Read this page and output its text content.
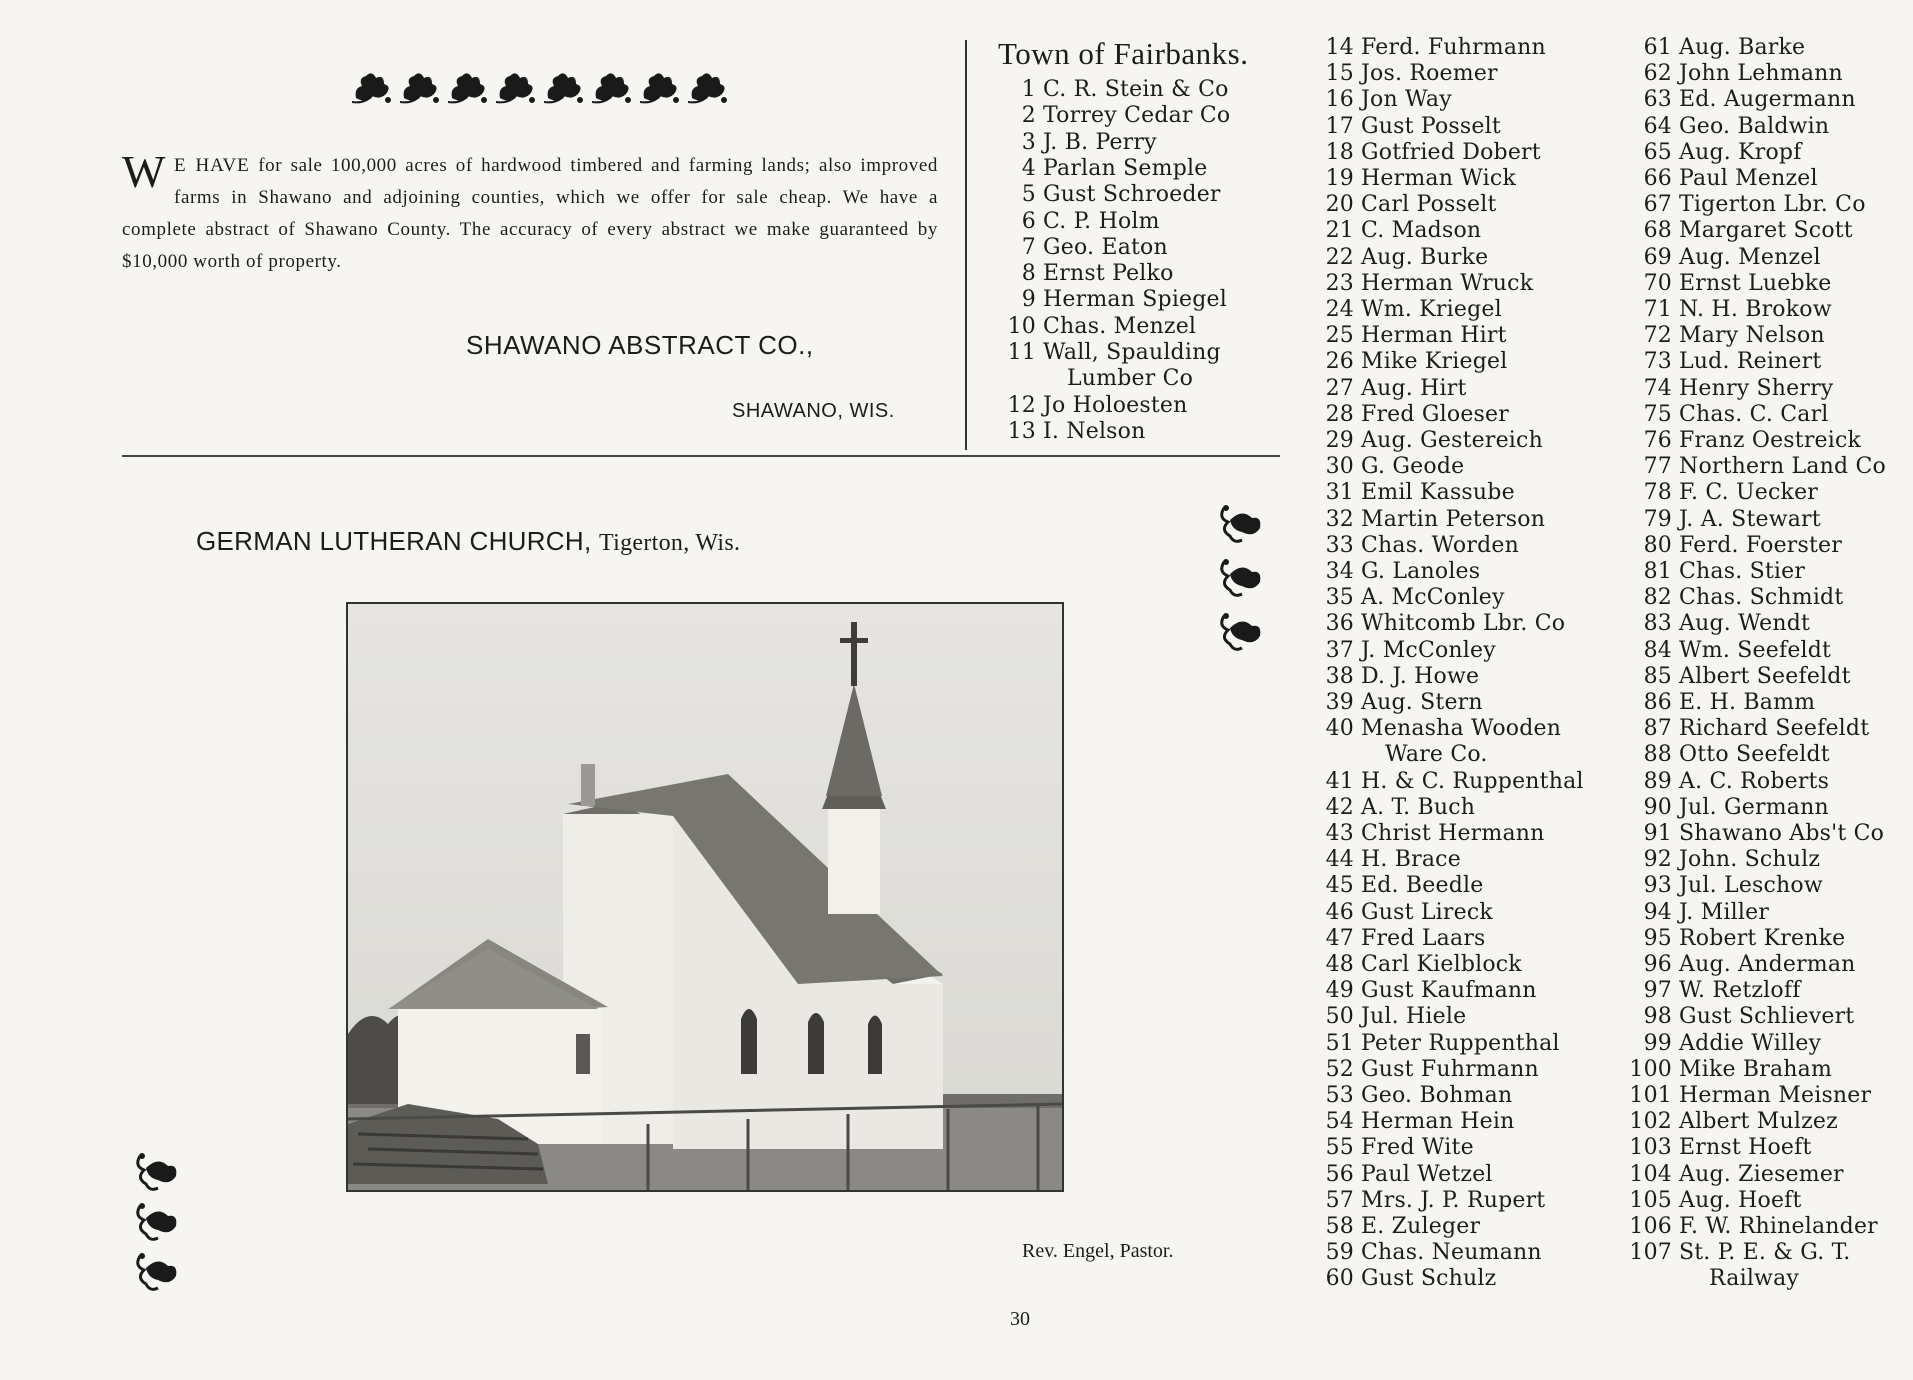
W E HAVE for sale 100,000 acres of hardwood timbered and farming lands; also improved farms in Shawano and adjoining counties, which we offer for sale cheap. We have a complete abstract of Shawano County. The accuracy of every abstract we make guaranteed by $10,000 worth of property.
SHAWANO ABSTRACT CO.,
SHAWANO, WIS.
Town of Fairbanks.
1 C. R. Stein & Co
2 Torrey Cedar Co
3 J. B. Perry
4 Parlan Semple
5 Gust Schroeder
6 C. P. Holm
7 Geo. Eaton
8 Ernst Pelko
9 Herman Spiegel
10 Chas. Menzel
11 Wall, Spaulding
Lumber Co
12 Jo Holoesten
13 I. Nelson
14 Ferd. Fuhrmann
15 Jos. Roemer
16 Jon Way
17 Gust Posselt
18 Gotfried Dobert
19 Herman Wick
20 Carl Posselt
21 C. Madson
22 Aug. Burke
23 Herman Wruck
24 Wm. Kriegel
25 Herman Hirt
26 Mike Kriegel
27 Aug. Hirt
28 Fred Gloeser
29 Aug. Gestereich
30 G. Geode
31 Emil Kassube
32 Martin Peterson
33 Chas. Worden
34 G. Lanoles
35 A. McConley
36 Whitcomb Lbr. Co
37 J. McConley
38 D. J. Howe
39 Aug. Stern
40 Menasha Wooden
Ware Co.
41 H. & C. Ruppenthal
42 A. T. Buch
43 Christ Hermann
44 H. Brace
45 Ed. Beedle
46 Gust Lireck
47 Fred Laars
48 Carl Kielblock
49 Gust Kaufmann
50 Jul. Hiele
51 Peter Ruppenthal
52 Gust Fuhrmann
53 Geo. Bohman
54 Herman Hein
55 Fred Wite
56 Paul Wetzel
57 Mrs. J. P. Rupert
58 E. Zuleger
59 Chas. Neumann
60 Gust Schulz
61 Aug. Barke
62 John Lehmann
63 Ed. Augermann
64 Geo. Baldwin
65 Aug. Kropf
66 Paul Menzel
67 Tigerton Lbr. Co
68 Margaret Scott
69 Aug. Menzel
70 Ernst Luebke
71 N. H. Brokow
72 Mary Nelson
73 Lud. Reinert
74 Henry Sherry
75 Chas. C. Carl
76 Franz Oestreick
77 Northern Land Co
78 F. C. Uecker
79 J. A. Stewart
80 Ferd. Foerster
81 Chas. Stier
82 Chas. Schmidt
83 Aug. Wendt
84 Wm. Seefeldt
85 Albert Seefeldt
86 E. H. Bamm
87 Richard Seefeldt
88 Otto Seefeldt
89 A. C. Roberts
90 Jul. Germann
91 Shawano Abs't Co
92 John. Schulz
93 Jul. Leschow
94 J. Miller
95 Robert Krenke
96 Aug. Anderman
97 W. Retzloff
98 Gust Schlievert
99 Addie Willey
100 Mike Braham
101 Herman Meisner
102 Albert Mulzez
103 Ernst Hoeft
104 Aug. Ziesemer
105 Aug. Hoeft
106 F. W. Rhinelander
107 St. P. E. & G. T.
Railway
GERMAN LUTHERAN CHURCH, Tigerton, Wis.
Rev. Engel, Pastor.
30
